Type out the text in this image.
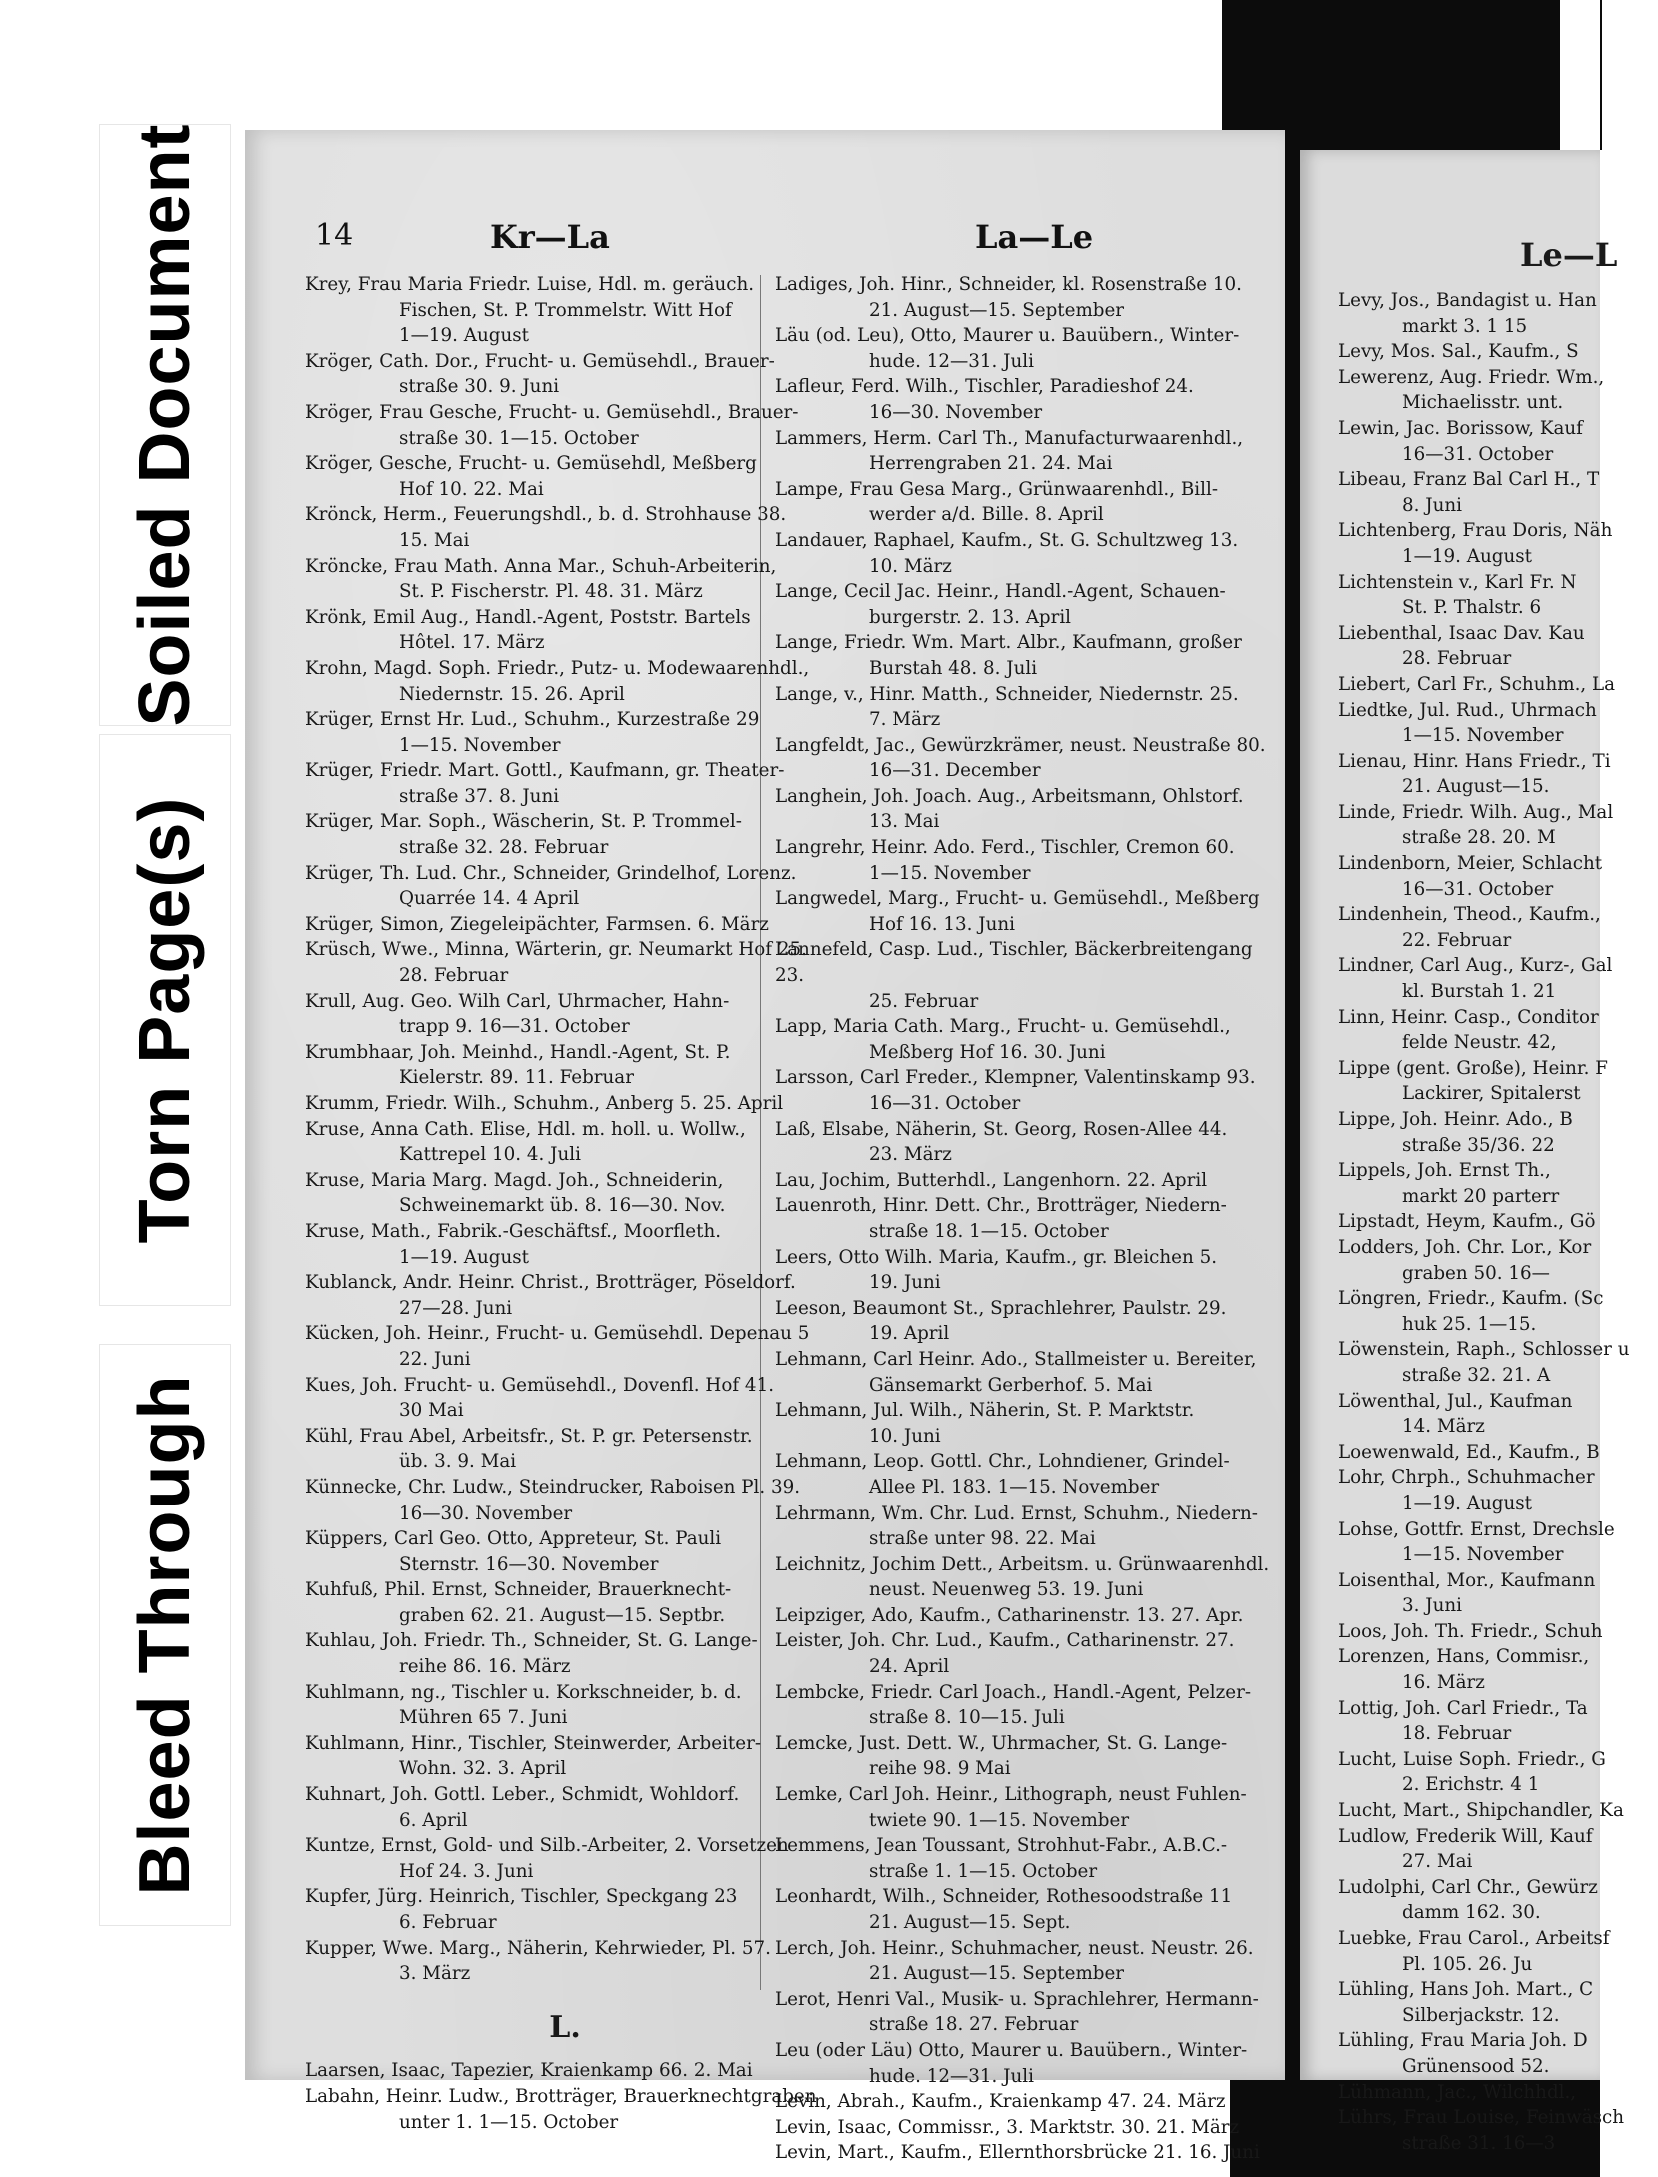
Soiled Document
Torn Page(s)
Bleed Through
14	Kr—La	La—Le
Krey, Frau Maria Friedr. Luise, Hdl. m. geräuch.

Fischen, St. P. Trommelstr. Witt Hof
1—19. August
Kröger, Cath. Dor., Frucht- u. Gemüsehdl., Brauer-

straße 30. 9. Juni
Kröger, Frau Gesche, Frucht- u. Gemüsehdl., Brauer-

straße 30. 1—15. October
Kröger, Gesche, Frucht- u. Gemüsehdl, Meßberg

Hof 10. 22. Mai
Krönck, Herm., Feuerungshdl., b. d. Strohhause 38.

15. Mai
Kröncke, Frau Math. Anna Mar., Schuh-Arbeiterin,

St. P. Fischerstr. Pl. 48. 31. März
Krönk, Emil Aug., Handl.-Agent, Poststr. Bartels

Hôtel. 17. März
Krohn, Magd. Soph. Friedr., Putz- u. Modewaarenhdl.,

Niedernstr. 15. 26. April
Krüger, Ernst Hr. Lud., Schuhm., Kurzestraße 29

1—15. November
Krüger, Friedr. Mart. Gottl., Kaufmann, gr. Theater-

straße 37. 8. Juni
Krüger, Mar. Soph., Wäscherin, St. P. Trommel-

straße 32. 28. Februar
Krüger, Th. Lud. Chr., Schneider, Grindelhof, Lorenz.

Quarrée 14. 4 April
Krüger, Simon, Ziegeleipächter, Farmsen. 6. März

Krüsch, Wwe., Minna, Wärterin, gr. Neumarkt Hof 25.

28. Februar
Krull, Aug. Geo. Wilh Carl, Uhrmacher, Hahn-

trapp 9. 16—31. October
Krumbhaar, Joh. Meinhd., Handl.-Agent, St. P.

Kielerstr. 89. 11. Februar
Krumm, Friedr. Wilh., Schuhm., Anberg 5. 25. April

Kruse, Anna Cath. Elise, Hdl. m. holl. u. Wollw.,

Kattrepel 10. 4. Juli
Kruse, Maria Marg. Magd. Joh., Schneiderin,

Schweinemarkt üb. 8. 16—30. Nov.
Kruse, Math., Fabrik.-Geschäftsf., Moorfleth.

1—19. August
Kublanck, Andr. Heinr. Christ., Brotträger, Pöseldorf.

27—28. Juni
Kücken, Joh. Heinr., Frucht- u. Gemüsehdl. Depenau 5

22. Juni
Kues, Joh. Frucht- u. Gemüsehdl., Dovenfl. Hof 41.

30 Mai
Kühl, Frau Abel, Arbeitsfr., St. P. gr. Petersenstr.

üb. 3. 9. Mai
Künnecke, Chr. Ludw., Steindrucker, Raboisen Pl. 39.

16—30. November
Küppers, Carl Geo. Otto, Appreteur, St. Pauli

Sternstr. 16—30. November
Kuhfuß, Phil. Ernst, Schneider, Brauerknecht-

graben 62. 21. August—15. Septbr.
Kuhlau, Joh. Friedr. Th., Schneider, St. G. Lange-

reihe 86. 16. März
Kuhlmann, ng., Tischler u. Korkschneider, b. d.

Mühren 65 7. Juni
Kuhlmann, Hinr., Tischler, Steinwerder, Arbeiter-

Wohn. 32. 3. April
Kuhnart, Joh. Gottl. Leber., Schmidt, Wohldorf.

6. April
Kuntze, Ernst, Gold- und Silb.-Arbeiter, 2. Vorsetzen

Hof 24. 3. Juni
Kupfer, Jürg. Heinrich, Tischler, Speckgang 23

6. Februar
Kupper, Wwe. Marg., Näherin, Kehrwieder, Pl. 57.

3. März
L.
Laarsen, Isaac, Tapezier, Kraienkamp 66. 2. Mai

Labahn, Heinr. Ludw., Brotträger, Brauerknechtgraben

unter 1. 1—15. October
Ladiges, Joh. Hinr., Schneider, kl. Rosenstraße 10.

21. August—15. September
Läu (od. Leu), Otto, Maurer u. Bauübern., Winter-

hude. 12—31. Juli
Lafleur, Ferd. Wilh., Tischler, Paradieshof 24.

16—30. November
Lammers, Herm. Carl Th., Manufacturwaarenhdl.,

Herrengraben 21. 24. Mai
Lampe, Frau Gesa Marg., Grünwaarenhdl., Bill-

werder a/d. Bille. 8. April
Landauer, Raphael, Kaufm., St. G. Schultzweg 13.

10. März
Lange, Cecil Jac. Heinr., Handl.-Agent, Schauen-

burgerstr. 2. 13. April
Lange, Friedr. Wm. Mart. Albr., Kaufmann, großer

Burstah 48. 8. Juli
Lange, v., Hinr. Matth., Schneider, Niedernstr. 25.

7. März
Langfeldt, Jac., Gewürzkrämer, neust. Neustraße 80.

16—31. December
Langhein, Joh. Joach. Aug., Arbeitsmann, Ohlstorf.

13. Mai
Langrehr, Heinr. Ado. Ferd., Tischler, Cremon 60.

1—15. November
Langwedel, Marg., Frucht- u. Gemüsehdl., Meßberg

Hof 16. 13. Juni
Lannefeld, Casp. Lud., Tischler, Bäckerbreitengang 23.

25. Februar
Lapp, Maria Cath. Marg., Frucht- u. Gemüsehdl.,

Meßberg Hof 16. 30. Juni
Larsson, Carl Freder., Klempner, Valentinskamp 93.

16—31. October
Laß, Elsabe, Näherin, St. Georg, Rosen-Allee 44.

23. März
Lau, Jochim, Butterhdl., Langenhorn. 22. April

Lauenroth, Hinr. Dett. Chr., Brotträger, Niedern-

straße 18. 1—15. October
Leers, Otto Wilh. Maria, Kaufm., gr. Bleichen 5.

19. Juni
Leeson, Beaumont St., Sprachlehrer, Paulstr. 29.

19. April
Lehmann, Carl Heinr. Ado., Stallmeister u. Bereiter,

Gänsemarkt Gerberhof. 5. Mai
Lehmann, Jul. Wilh., Näherin, St. P. Marktstr.

10. Juni
Lehmann, Leop. Gottl. Chr., Lohndiener, Grindel-

Allee Pl. 183. 1—15. November
Lehrmann, Wm. Chr. Lud. Ernst, Schuhm., Niedern-

straße unter 98. 22. Mai
Leichnitz, Jochim Dett., Arbeitsm. u. Grünwaarenhdl.

neust. Neuenweg 53. 19. Juni
Leipziger, Ado, Kaufm., Catharinenstr. 13. 27. Apr.

Leister, Joh. Chr. Lud., Kaufm., Catharinenstr. 27.

24. April
Lembcke, Friedr. Carl Joach., Handl.-Agent, Pelzer-

straße 8. 10—15. Juli
Lemcke, Just. Dett. W., Uhrmacher, St. G. Lange-

reihe 98. 9 Mai
Lemke, Carl Joh. Heinr., Lithograph, neust Fuhlen-

twiete 90. 1—15. November
Lemmens, Jean Toussant, Strohhut-Fabr., A.B.C.-

straße 1. 1—15. October
Leonhardt, Wilh., Schneider, Rothesoodstraße 11

21. August—15. Sept.
Lerch, Joh. Heinr., Schuhmacher, neust. Neustr. 26.

21. August—15. September
Lerot, Henri Val., Musik- u. Sprachlehrer, Hermann-

straße 18. 27. Februar
Leu (oder Läu) Otto, Maurer u. Bauübern., Winter-

hude. 12—31. Juli
Levin, Abrah., Kaufm., Kraienkamp 47. 24. März

Levin, Isaac, Commissr., 3. Marktstr. 30. 21. März

Levin, Mart., Kaufm., Ellernthorsbrücke 21. 16. Juni

Le—L
Levy, Jos., Bandagist u. Han

markt 3. 1 15
Levy, Mos. Sal., Kaufm., S

Lewerenz, Aug. Friedr. Wm.,

Michaelisstr. unt.
Lewin, Jac. Borissow, Kauf

16—31. October
Libeau, Franz Bal Carl H., T

8. Juni
Lichtenberg, Frau Doris, Näh

1—19. August
Lichtenstein v., Karl Fr. N

St. P. Thalstr. 6
Liebenthal, Isaac Dav. Kau

28. Februar
Liebert, Carl Fr., Schuhm., La

Liedtke, Jul. Rud., Uhrmach

1—15. November
Lienau, Hinr. Hans Friedr., Ti

21. August—15.
Linde, Friedr. Wilh. Aug., Mal

straße 28. 20. M
Lindenborn, Meier, Schlacht

16—31. October
Lindenhein, Theod., Kaufm.,

22. Februar
Lindner, Carl Aug., Kurz-, Gal

kl. Burstah 1. 21
Linn, Heinr. Casp., Conditor

felde Neustr. 42,
Lippe (gent. Große), Heinr. F

Lackirer, Spitalerst
Lippe, Joh. Heinr. Ado., B

straße 35/36. 22
Lippels, Joh. Ernst Th.,

markt 20 parterr
Lipstadt, Heym, Kaufm., Gö

Lodders, Joh. Chr. Lor., Kor

graben 50. 16—
Löngren, Friedr., Kaufm. (Sc

huk 25. 1—15.
Löwenstein, Raph., Schlosser u

straße 32. 21. A
Löwenthal, Jul., Kaufman

14. März
Loewenwald, Ed., Kaufm., B

Lohr, Chrph., Schuhmacher

1—19. August
Lohse, Gottfr. Ernst, Drechsle

1—15. November
Loisenthal, Mor., Kaufmann

3. Juni
Loos, Joh. Th. Friedr., Schuh

Lorenzen, Hans, Commisr.,

16. März
Lottig, Joh. Carl Friedr., Ta

18. Februar
Lucht, Luise Soph. Friedr., G

2. Erichstr. 4 1
Lucht, Mart., Shipchandler, Ka

Ludlow, Frederik Will, Kauf

27. Mai
Ludolphi, Carl Chr., Gewürz

damm 162. 30.
Luebke, Frau Carol., Arbeitsf

Pl. 105. 26. Ju
Lühling, Hans Joh. Mart., C

Silberjackstr. 12.
Lühling, Frau Maria Joh. D

Grünensood 52.
Lühmann, Jac., Wilchhdl.,

Lührs, Frau Louise, Feinwäsch

straße 31. 16—3
